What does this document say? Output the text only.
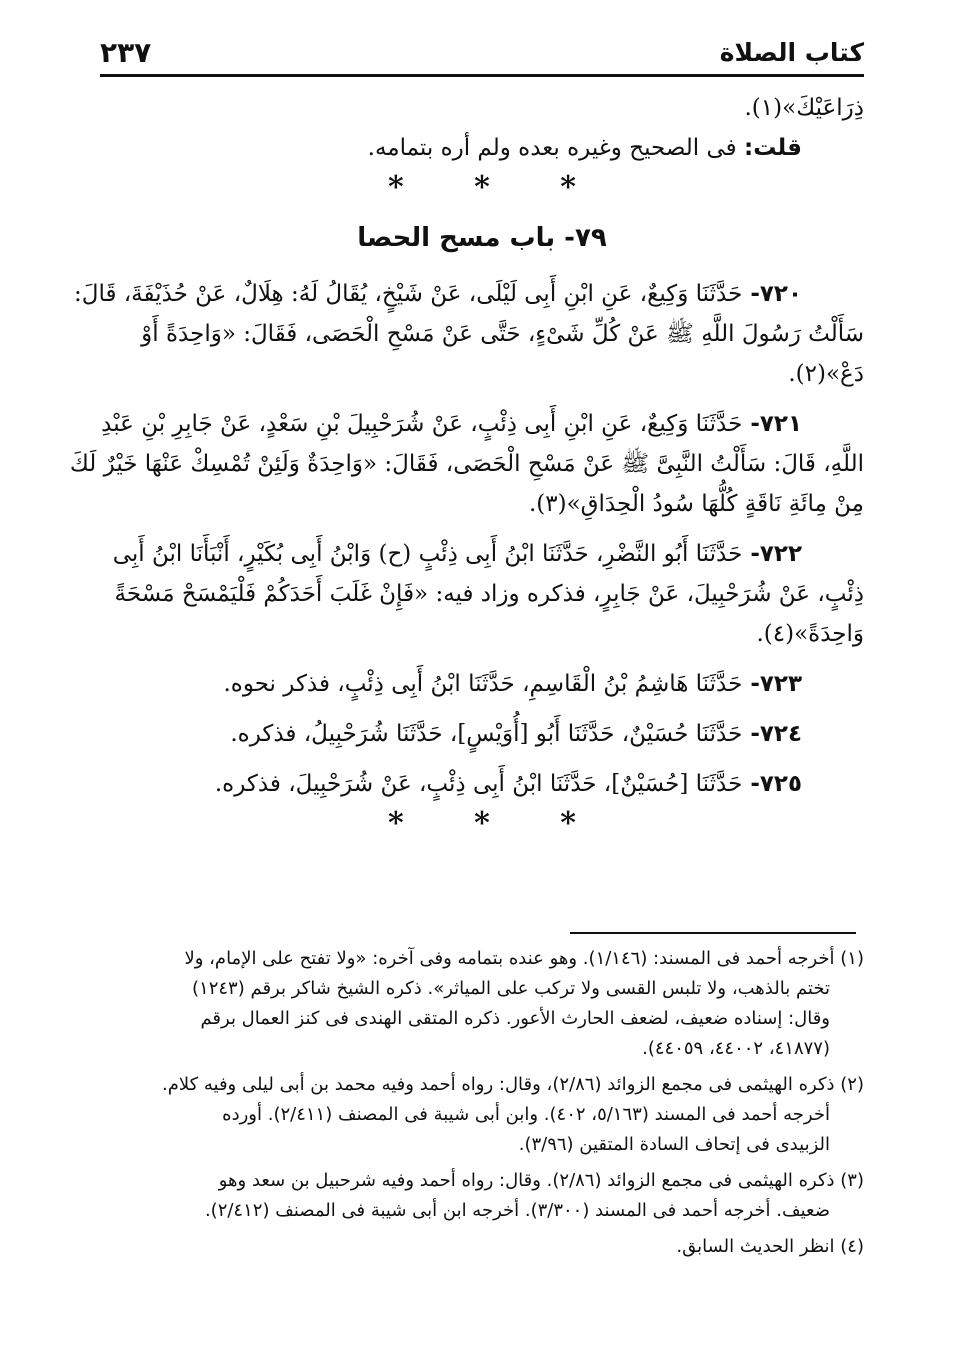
كتاب الصلاة
٢٣٧
ذِرَاعَيْكَ»(١).
قلت: فى الصحيح وغيره بعده ولم أره بتمامه.
* * *
٧٩- باب مسح الحصا
٧٢٠- حَدَّثَنَا وَكِيعٌ، عَنِ ابْنِ أَبِى لَيْلَى، عَنْ شَيْخٍ، يُقَالُ لَهُ: هِلَالٌ، عَنْ حُذَيْفَةَ، قَالَ:
سَأَلْتُ رَسُولَ اللَّهِ ﷺ عَنْ كُلِّ شَىْءٍ، حَتَّى عَنْ مَسْحِ الْحَصَى، فَقَالَ: «وَاحِدَةً أَوْ
دَعْ»(٢).
٧٢١- حَدَّثَنَا وَكِيعٌ، عَنِ ابْنِ أَبِى ذِئْبٍ، عَنْ شُرَحْبِيلَ بْنِ سَعْدٍ، عَنْ جَابِرِ بْنِ عَبْدِ
اللَّهِ، قَالَ: سَأَلْتُ النَّبِىَّ ﷺ عَنْ مَسْحِ الْحَصَى، فَقَالَ: «وَاحِدَةٌ وَلَئِنْ تُمْسِكْ عَنْهَا خَيْرٌ لَكَ
مِنْ مِائَةِ نَاقَةٍ كُلُّهَا سُودُ الْحِدَاقِ»(٣).
٧٢٢- حَدَّثَنَا أَبُو النَّضْرِ، حَدَّثَنَا ابْنُ أَبِى ذِئْبٍ (ح) وَابْنُ أَبِى بُكَيْرٍ، أَنْبَأَنَا ابْنُ أَبِى
ذِئْبٍ، عَنْ شُرَحْبِيلَ، عَنْ جَابِرٍ، فذكره وزاد فيه: «فَإِنْ غَلَبَ أَحَدَكُمْ فَلْيَمْسَحْ مَسْحَةً
وَاحِدَةً»(٤).
٧٢٣- حَدَّثَنَا هَاشِمُ بْنُ الْقَاسِمِ، حَدَّثَنَا ابْنُ أَبِى ذِئْبٍ، فذكر نحوه.
٧٢٤- حَدَّثَنَا حُسَيْنٌ، حَدَّثَنَا أَبُو [أُوَيْسٍ]، حَدَّثَنَا شُرَحْبِيلُ، فذكره.
٧٢٥- حَدَّثَنَا [حُسَيْنٌ]، حَدَّثَنَا ابْنُ أَبِى ذِئْبٍ، عَنْ شُرَحْبِيلَ، فذكره.
* * *
(١) أخرجه أحمد فى المسند: (١/١٤٦). وهو عنده بتمامه وفى آخره: «ولا تفتح على الإمام، ولا
تختم بالذهب، ولا تلبس القسى ولا تركب على المياثر». ذكره الشيخ شاكر برقم (١٢٤٣)
وقال: إسناده ضعيف، لضعف الحارث الأعور. ذكره المتقى الهندى فى كنز العمال برقم
(٤١٨٧٧، ٤٤٠٠٢، ٤٤٠٥٩).
(٢) ذكره الهيثمى فى مجمع الزوائد (٢/٨٦)، وقال: رواه أحمد وفيه محمد بن أبى ليلى وفيه كلام.
أخرجه أحمد فى المسند (٥/١٦٣، ٤٠٢). وابن أبى شيبة فى المصنف (٢/٤١١). أورده
الزبيدى فى إتحاف السادة المتقين (٣/٩٦).
(٣) ذكره الهيثمى فى مجمع الزوائد (٢/٨٦). وقال: رواه أحمد وفيه شرحبيل بن سعد وهو
ضعيف. أخرجه أحمد فى المسند (٣/٣٠٠). أخرجه ابن أبى شيبة فى المصنف (٢/٤١٢).
(٤) انظر الحديث السابق.
